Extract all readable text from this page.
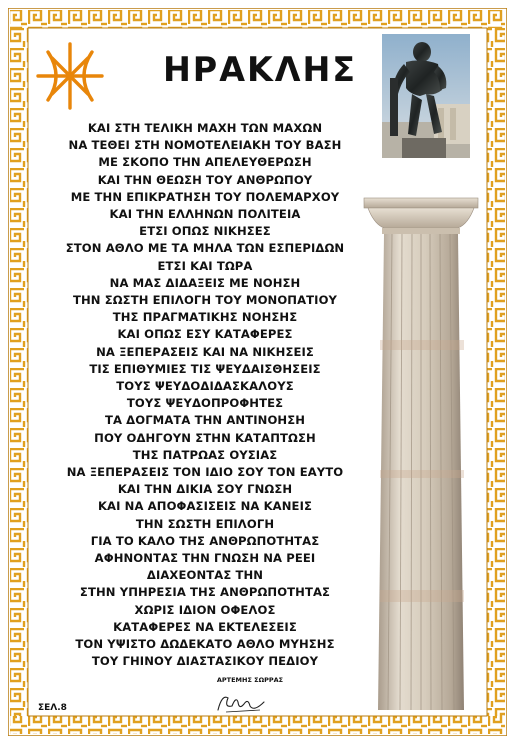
ΗΡΑΚΛΗΣ
ΚΑΙ ΣΤΗ ΤΕΛΙΚΗ ΜΑΧΗ ΤΩΝ ΜΑΧΩΝ
ΝΑ ΤΕΘΕΙ ΣΤΗ ΝΟΜΟΤΕΛΕΙΑΚΗ ΤΟΥ ΒΑΣΗ
ΜΕ ΣΚΟΠΟ ΤΗΝ ΑΠΕΛΕΥΘΕΡΩΣΗ
ΚΑΙ ΤΗΝ ΘΕΩΣΗ ΤΟΥ ΑΝΘΡΩΠΟΥ
ΜΕ ΤΗΝ ΕΠΙΚΡΑΤΗΣΗ ΤΟΥ ΠΟΛΕΜΑΡΧΟΥ
ΚΑΙ ΤΗΝ ΕΛΛΗΝΩΝ ΠΟΛΙΤΕΙΑ
ΕΤΣΙ ΟΠΩΣ ΝΙΚΗΣΕΣ
ΣΤΟΝ ΑΘΛΟ ΜΕ ΤΑ ΜΗΛΑ ΤΩΝ ΕΣΠΕΡΙΔΩΝ
ΕΤΣΙ ΚΑΙ ΤΩΡΑ
ΝΑ ΜΑΣ ΔΙΔΑΞΕΙΣ ΜΕ ΝΟΗΣΗ
ΤΗΝ ΣΩΣΤΗ ΕΠΙΛΟΓΗ ΤΟΥ ΜΟΝΟΠΑΤΙΟΥ
ΤΗΣ ΠΡΑΓΜΑΤΙΚΗΣ ΝΟΗΣΗΣ
ΚΑΙ ΟΠΩΣ ΕΣΥ ΚΑΤΑΦΕΡΕΣ
ΝΑ ΞΕΠΕΡΑΣΕΙΣ ΚΑΙ ΝΑ ΝΙΚΗΣΕΙΣ
ΤΙΣ ΕΠΙΘΥΜΙΕΣ ΤΙΣ ΨΕΥΔΑΙΣΘΗΣΕΙΣ
ΤΟΥΣ ΨΕΥΔΟΔΙΔΑΣΚΑΛΟΥΣ
ΤΟΥΣ ΨΕΥΔΟΠΡΟΦΗΤΕΣ
ΤΑ ΔΟΓΜΑΤΑ ΤΗΝ ΑΝΤΙΝΟΗΣΗ
ΠΟΥ ΟΔΗΓΟΥΝ ΣΤΗΝ ΚΑΤΑΠΤΩΣΗ
ΤΗΣ ΠΑΤΡΩΑΣ ΟΥΣΙΑΣ
ΝΑ ΞΕΠΕΡΑΣΕΙΣ ΤΟΝ ΙΔΙΟ ΣΟΥ ΤΟΝ ΕΑΥΤΟ
ΚΑΙ ΤΗΝ ΔΙΚΙΑ ΣΟΥ ΓΝΩΣΗ
ΚΑΙ ΝΑ ΑΠΟΦΑΣΙΣΕΙΣ ΝΑ ΚΑΝΕΙΣ
ΤΗΝ ΣΩΣΤΗ ΕΠΙΛΟΓΗ
ΓΙΑ ΤΟ ΚΑΛΟ ΤΗΣ ΑΝΘΡΩΠΟΤΗΤΑΣ
ΑΦΗΝΟΝΤΑΣ ΤΗΝ ΓΝΩΣΗ ΝΑ ΡΕΕΙ
ΔΙΑΧΕΟΝΤΑΣ ΤΗΝ
ΣΤΗΝ ΥΠΗΡΕΣΙΑ ΤΗΣ ΑΝΘΡΩΠΟΤΗΤΑΣ
ΧΩΡΙΣ ΙΔΙΟΝ ΟΦΕΛΟΣ
ΚΑΤΑΦΕΡΕΣ ΝΑ ΕΚΤΕΛΕΣΕΙΣ
ΤΟΝ ΥΨΙΣΤΟ ΔΩΔΕΚΑΤΟ ΑΘΛΟ ΜΥΗΣΗΣ
ΤΟΥ ΓΗΙΝΟΥ ΔΙΑΣΤΑΣΙΚΟΥ ΠΕΔΙΟΥ
ΑΡΤΕΜΗΣ ΣΩΡΡΑΣ
ΣΕΛ.8
